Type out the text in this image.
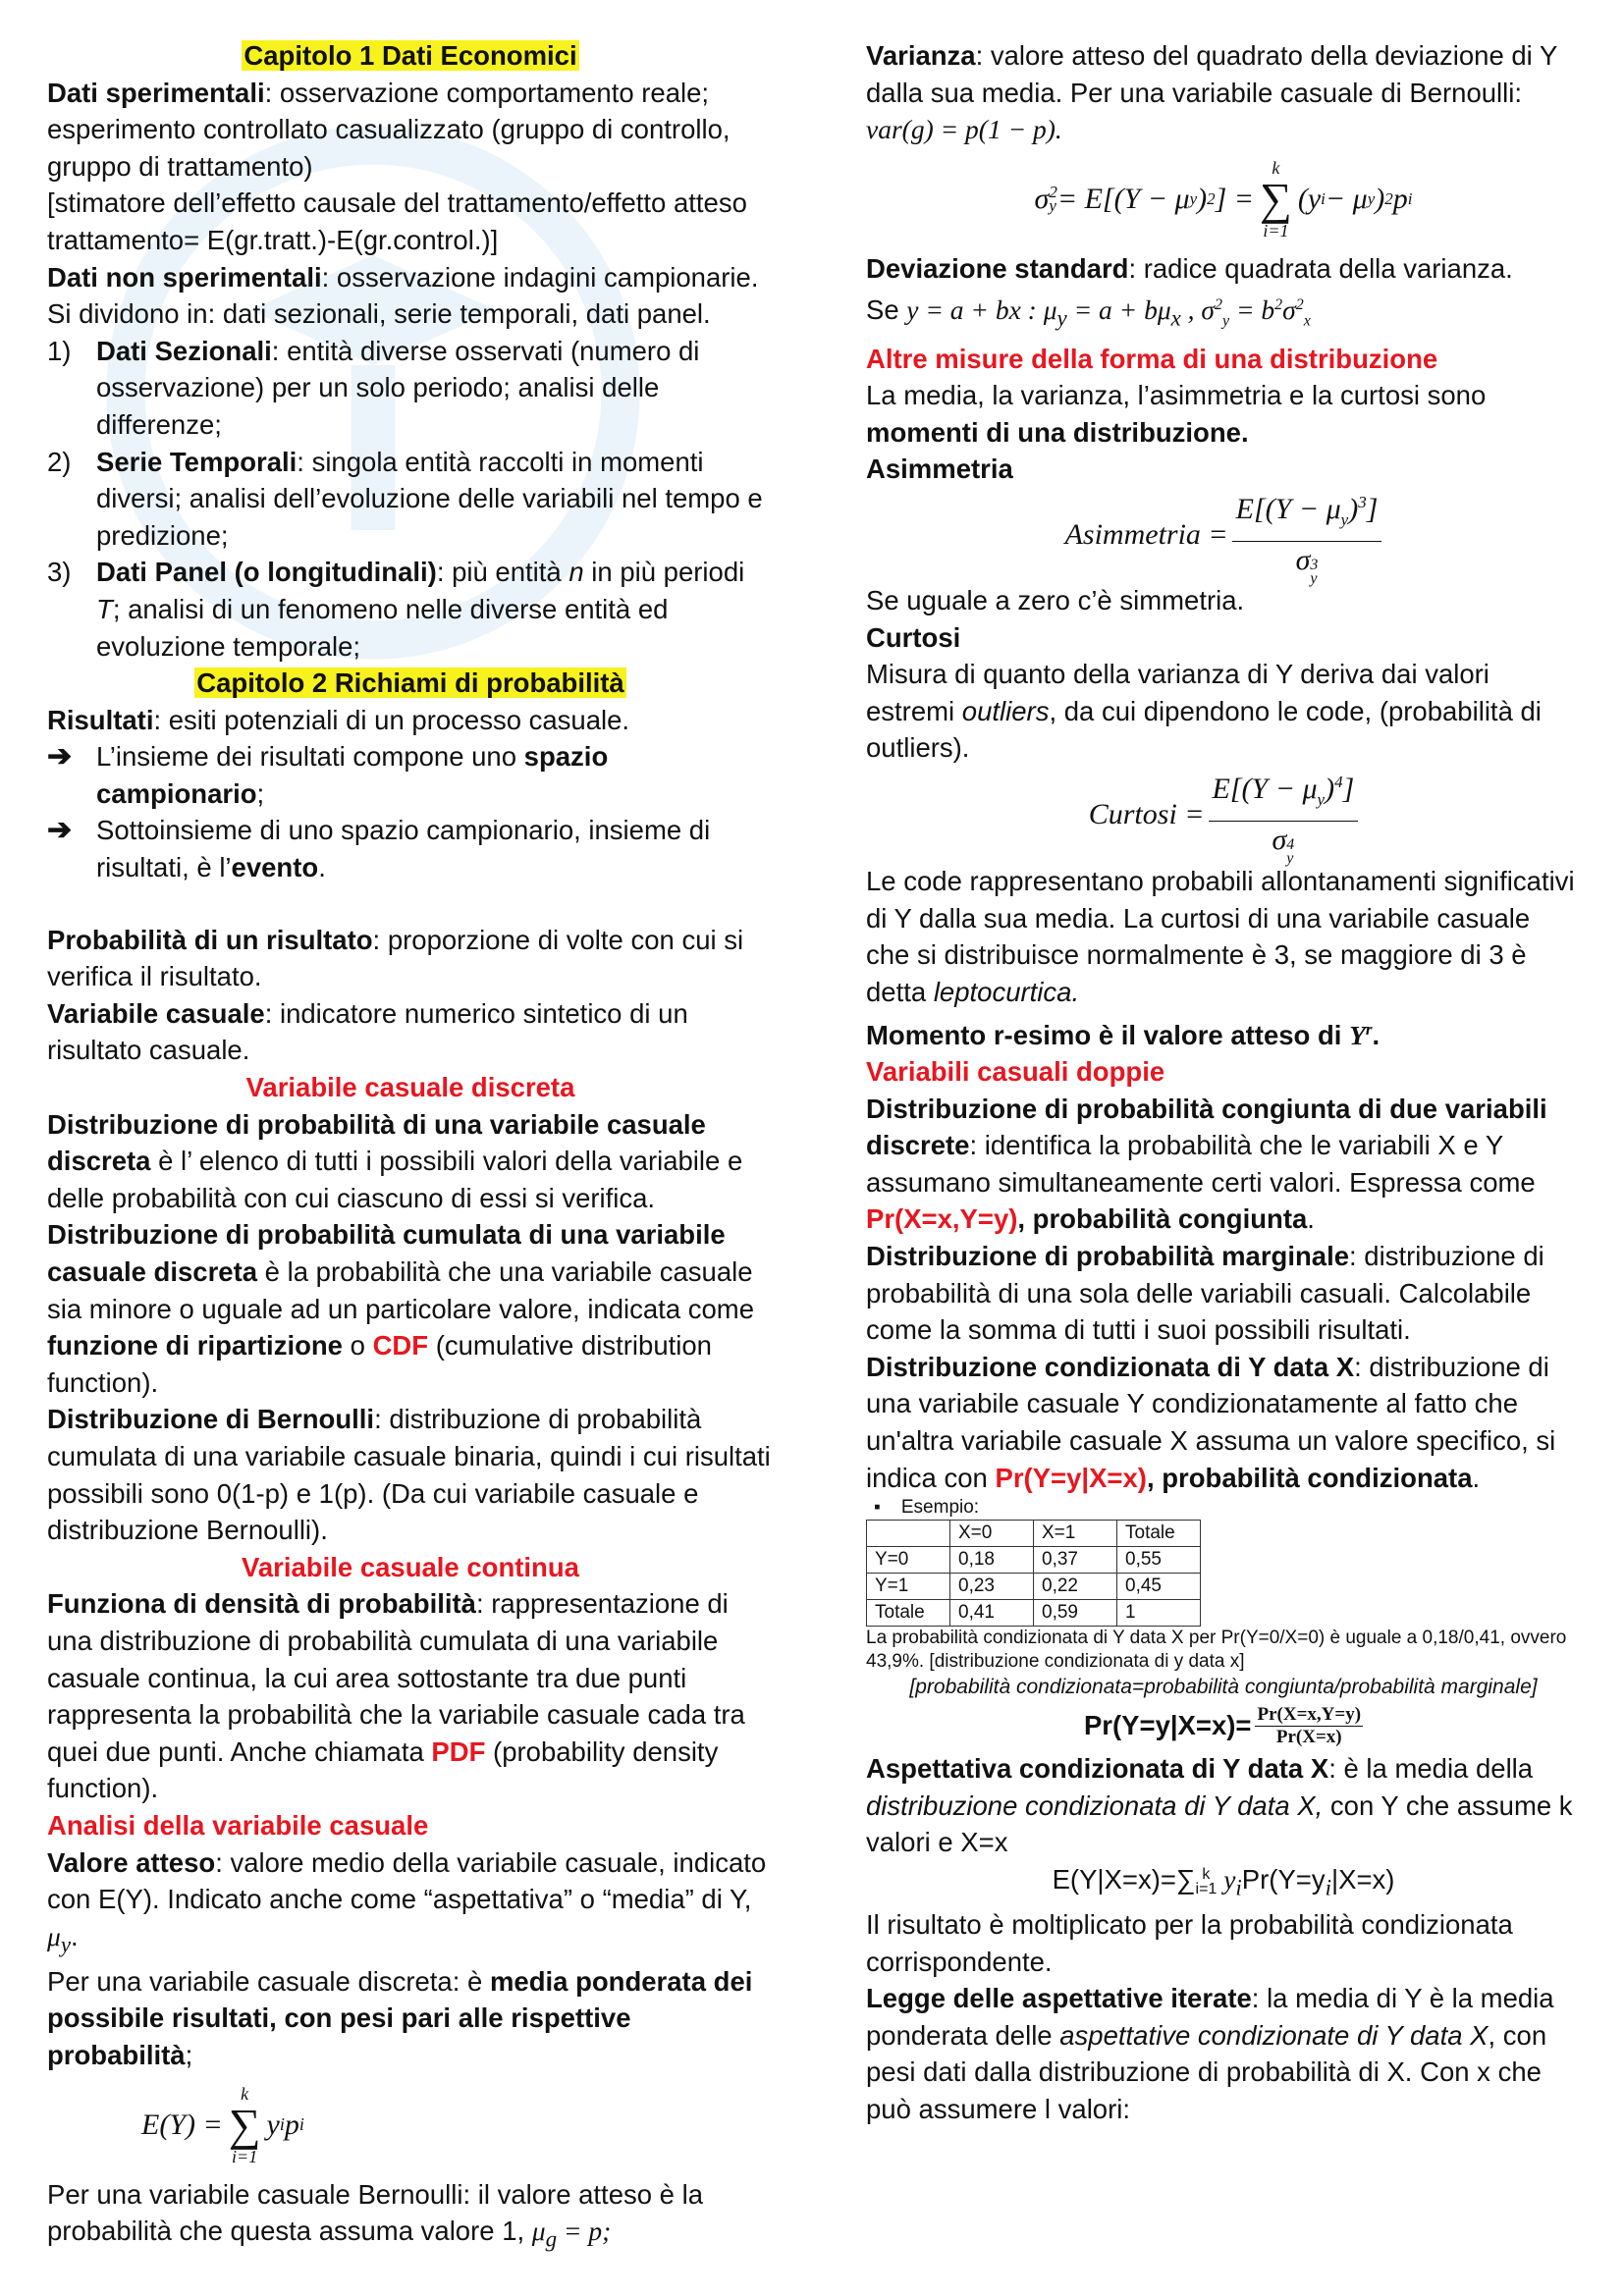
Capitolo 1 Dati Economici

Dati sperimentali: osservazione comportamento reale; esperimento controllato casualizzato (gruppo di controllo, gruppo di trattamento)

[stimatore dell’effetto causale del trattamento/effetto atteso trattamento= E(gr.tratt.)-E(gr.control.)]

Dati non sperimentali: osservazione indagini campionarie. Si dividono in: dati sezionali, serie temporali, dati panel.

1) Dati Sezionali: entità diverse osservati (numero di osservazione) per un solo periodo; analisi delle differenze;
2) Serie Temporali: singola entità raccolti in momenti diversi; analisi dell’evoluzione delle variabili nel tempo e predizione;
3) Dati Panel (o longitudinali): più entità n in più periodi T; analisi di un fenomeno nelle diverse entità ed evoluzione temporale;

Capitolo 2 Richiami di probabilità

Risultati: esiti potenziali di un processo casuale.

➔ L’insieme dei risultati compone uno spazio campionario;
➔ Sottoinsieme di uno spazio campionario, insieme di risultati, è l’evento.

Probabilità di un risultato: proporzione di volte con cui si verifica il risultato.

Variabile casuale: indicatore numerico sintetico di un risultato casuale.

Variabile casuale discreta

Distribuzione di probabilità di una variabile casuale discreta è l’ elenco di tutti i possibili valori della variabile e delle probabilità con cui ciascuno di essi si verifica.

Distribuzione di probabilità cumulata di una variabile casuale discreta è la probabilità che una variabile casuale sia minore o uguale ad un particolare valore, indicata come funzione di ripartizione o CDF (cumulative distribution function).

Distribuzione di Bernoulli: distribuzione di probabilità cumulata di una variabile casuale binaria, quindi i cui risultati possibili sono 0(1-p) e 1(p). (Da cui variabile casuale e distribuzione Bernoulli).

Variabile casuale continua

Funziona di densità di probabilità: rappresentazione di una distribuzione di probabilità cumulata di una variabile casuale continua, la cui area sottostante tra due punti rappresenta la probabilità che la variabile casuale cada tra quei due punti. Anche chiamata PDF (probability density function).

Analisi della variabile casuale

Valore atteso: valore medio della variabile casuale, indicato con E(Y). Indicato anche come “aspettativa” o “media” di Y, $\mu_y$.

Per una variabile casuale discreta: è media ponderata dei possibile risultati, con pesi pari alle rispettive probabilità;

E(Y) =
k
∑
i=1
y i p i

Per una variabile casuale Bernoulli: il valore atteso è la probabilità che questa assuma valore 1, $\mu_g = p$;

Varianza: valore atteso del quadrato della deviazione di Y dalla sua media. Per una variabile casuale di Bernoulli:

var(g) = p(1 − p).

σ 2
y = E[(Y − μ y ) 2 ] =
k
∑
i=1
(y i − μ y ) 2 p i

Deviazione standard: radice quadrata della varianza.

Se y = a + bx : $\mu_y = a + b\mu_x$ , $\sigma^2_y = b^2\sigma^2_x$

Altre misure della forma di una distribuzione

La media, la varianza, l’asimmetria e la curtosi sono momenti di una distribuzione.

Asimmetria

Asimmetria = $E[(Y - \mu_y)^3]$
σ 3
y

Se uguale a zero c’è simmetria.

Curtosi

Misura di quanto della varianza di Y deriva dai valori estremi outliers, da cui dipendono le code, (probabilità di outliers).

Curtosi = $E[(Y - \mu_y)^4]$
σ 4
y

Le code rappresentano probabili allontanamenti significativi di Y dalla sua media. La curtosi di una variabile casuale che si distribuisce normalmente è 3, se maggiore di 3 è detta leptocurtica.

Momento r-esimo è il valore atteso di $Y^r$.

Variabili casuali doppie

Distribuzione di probabilità congiunta di due variabili discrete: identifica la probabilità che le variabili X e Y assumano simultaneamente certi valori. Espressa come Pr(X=x,Y=y), probabilità congiunta.

Distribuzione di probabilità marginale: distribuzione di probabilità di una sola delle variabili casuali. Calcolabile come la somma di tutti i suoi possibili risultati.

Distribuzione condizionata di Y data X: distribuzione di una variabile casuale Y condizionatamente al fatto che un'altra variabile casuale X assuma un valore specifico, si indica con Pr(Y=y|X=x), probabilità condizionata.

▪ Esempio:

	X=0	X=1	Totale
Y=0	0,18	0,37	0,55
Y=1	0,23	0,22	0,45
Totale	0,41	0,59	1

La probabilità condizionata di Y data X per Pr(Y=0/X=0) è uguale a 0,18/0,41, ovvero 43,9%. [distribuzione condizionata di y data x]

[probabilità condizionata=probabilità congiunta/probabilità marginale]

$Pr(Y=y|X=x)= \frac{Pr(X=x,Y=y)}{Pr(X=x)}$

Aspettativa condizionata di Y data X: è la media della distribuzione condizionata di Y data X, con Y che assume k valori e X=x

E(Y|X=x)=∑ k
i=1 $y_iPr(Y=y_i|X=x)$

Il risultato è moltiplicato per la probabilità condizionata corrispondente.

Legge delle aspettative iterate: la media di Y è la media ponderata delle aspettative condizionate di Y data X, con pesi dati dalla distribuzione di probabilità di X. Con x che può assumere l valori:
